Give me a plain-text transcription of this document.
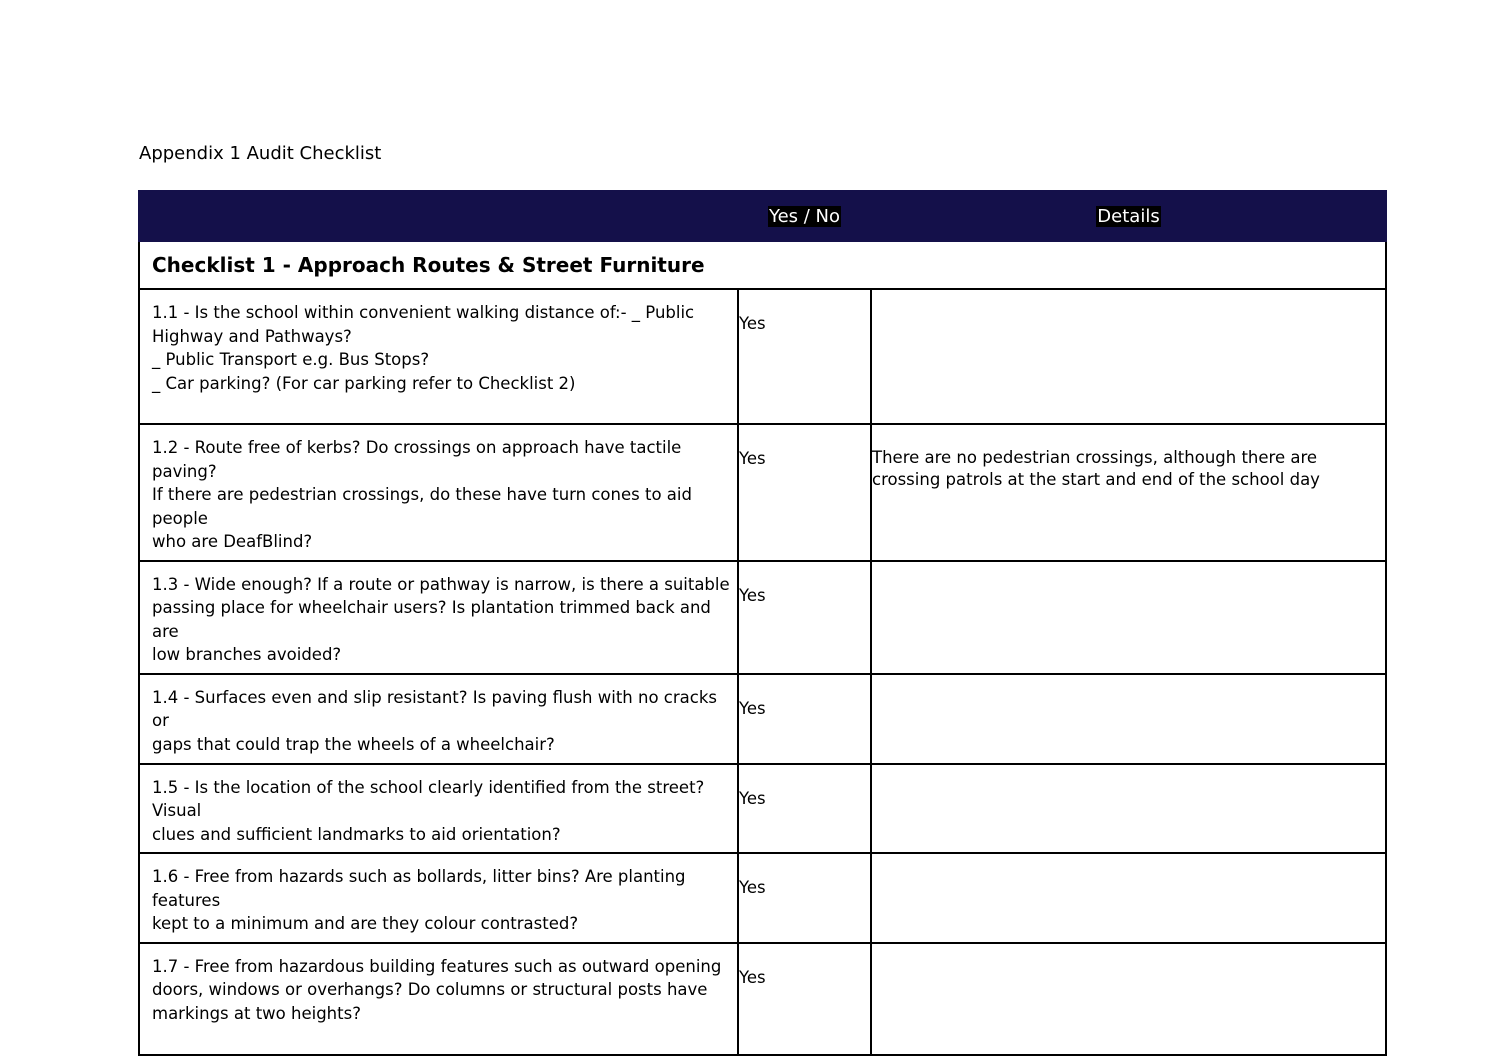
Appendix 1 Audit Checklist
	Yes / No	Details
Checklist 1 - Approach Routes & Street Furniture		
1.1 - Is the school within convenient walking distance of:- _ Public
Highway and Pathways?
_ Public Transport e.g. Bus Stops?
_ Car parking? (For car parking refer to Checklist 2)	Yes	
1.2 - Route free of kerbs? Do crossings on approach have tactile paving?
If there are pedestrian crossings, do these have turn cones to aid people
who are DeafBlind?	Yes	There are no pedestrian crossings, although there are crossing patrols at the start and end of the school day
1.3 - Wide enough? If a route or pathway is narrow, is there a suitable
passing place for wheelchair users? Is plantation trimmed back and are
low branches avoided?	Yes	
1.4 - Surfaces even and slip resistant? Is paving flush with no cracks or
gaps that could trap the wheels of a wheelchair?	Yes	
1.5 - Is the location of the school clearly identified from the street? Visual
clues and sufficient landmarks to aid orientation?	Yes	
1.6 - Free from hazards such as bollards, litter bins? Are planting features
kept to a minimum and are they colour contrasted?	Yes	
1.7 - Free from hazardous building features such as outward opening
doors, windows or overhangs? Do columns or structural posts have
markings at two heights?	Yes	
